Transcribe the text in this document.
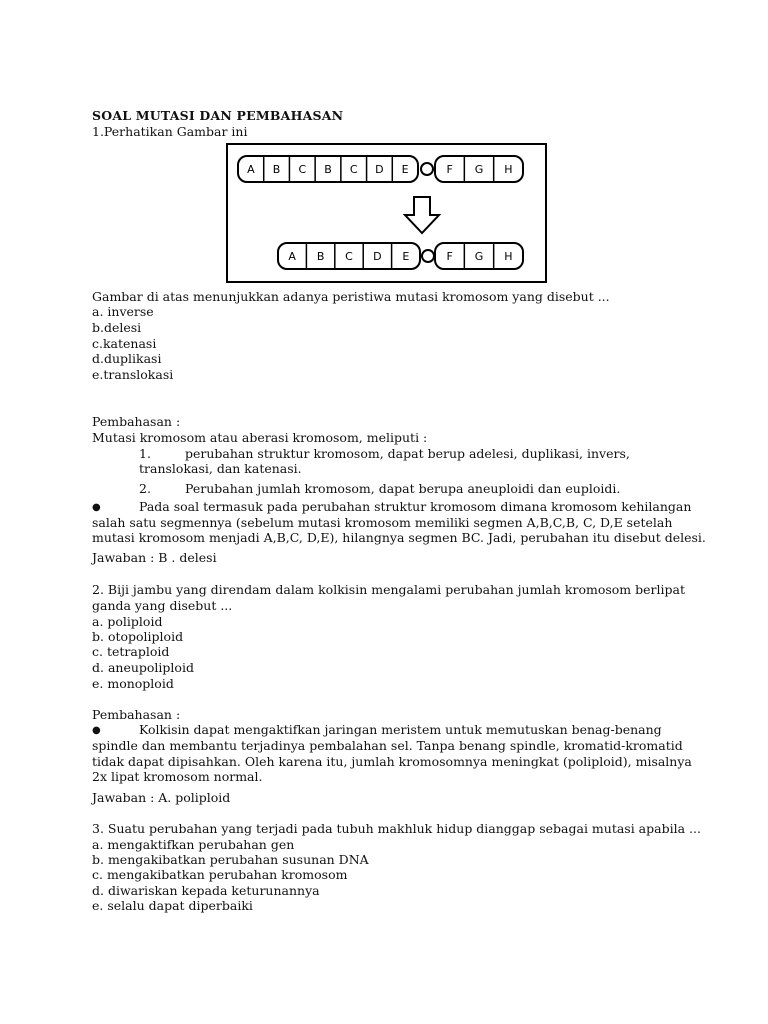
SOAL MUTASI DAN PEMBAHASAN
1.Perhatikan Gambar ini
A B C B C D E	F G H
A B C D E	F G H
Gambar di atas menunjukkan adanya peristiwa mutasi kromosom yang disebut ...
a. inverse
b.delesi
c.katenasi
d.duplikasi
e.translokasi
Pembahasan :
Mutasi kromosom atau aberasi kromosom, meliputi :
1.	perubahan struktur kromosom, dapat berup adelesi, duplikasi, invers,
translokasi, dan katenasi.
2.	Perubahan jumlah kromosom, dapat berupa aneuploidi dan euploidi.
●	Pada soal termasuk pada perubahan struktur kromosom dimana kromosom kehilangan
salah satu segmennya (sebelum mutasi kromosom memiliki segmen A,B,C,B, C, D,E setelah
mutasi kromosom menjadi A,B,C, D,E), hilangnya segmen BC. Jadi, perubahan itu disebut delesi.
Jawaban : B . delesi
2. Biji jambu yang direndam dalam kolkisin mengalami perubahan jumlah kromosom berlipat
ganda yang disebut ...
a. poliploid
b. otopoliploid
c. tetraploid
d. aneupoliploid
e. monoploid
Pembahasan :
●	Kolkisin dapat mengaktifkan jaringan meristem untuk memutuskan benag-benang
spindle dan membantu terjadinya pembalahan sel. Tanpa benang spindle, kromatid-kromatid
tidak dapat dipisahkan. Oleh karena itu, jumlah kromosomnya meningkat (poliploid), misalnya
2x lipat kromosom normal.
Jawaban : A. poliploid
3. Suatu perubahan yang terjadi pada tubuh makhluk hidup dianggap sebagai mutasi apabila ...
a. mengaktifkan perubahan gen
b. mengakibatkan perubahan susunan DNA
c. mengakibatkan perubahan kromosom
d. diwariskan kepada keturunannya
e. selalu dapat diperbaiki
